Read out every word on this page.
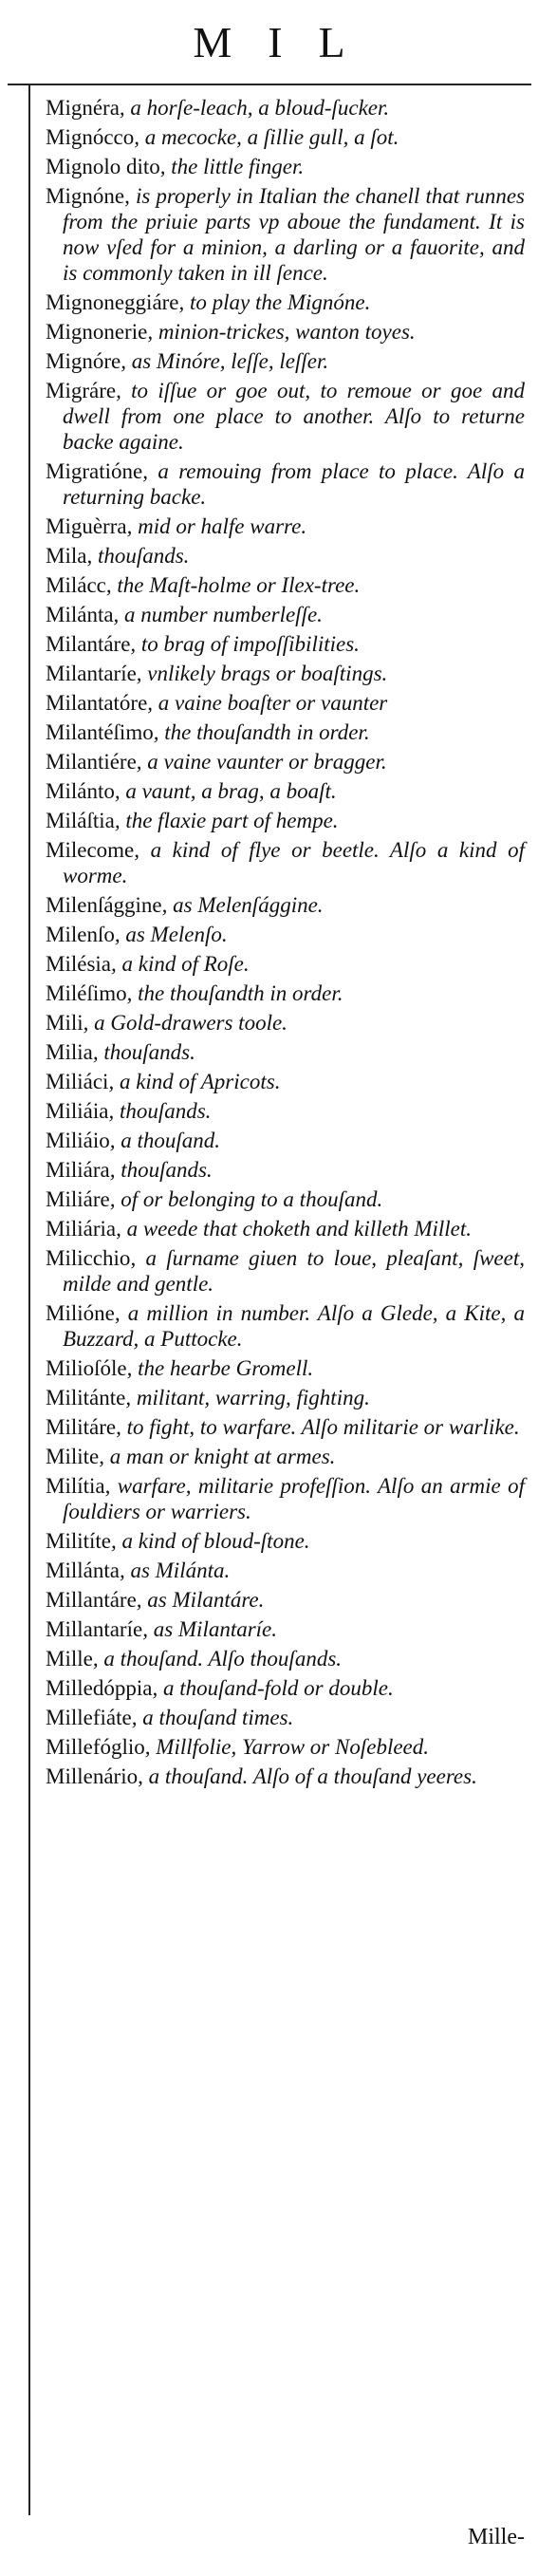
MIL

Mignéra, a horſe-leach, a bloud-ſucker.

Mignócco, a mecocke, a ſillie gull, a ſot.

Mignolo dito, the little finger.

Mignóne, is properly in Italian the chanell that runnes from the priuie parts vp aboue the fundament. It is now vſed for a minion, a darling or a fauorite, and is commonly taken in ill ſence.

Mignoneggiáre, to play the Mignóne.

Mignonerie, minion-trickes, wanton toyes.

Mignóre, as Minóre, leſſe, leſſer.

Migráre, to iſſue or goe out, to remoue or goe and dwell from one place to another. Alſo to returne backe againe.

Migratióne, a remouing from place to place. Alſo a returning backe.

Miguèrra, mid or halfe warre.

Mila, thouſands.

Milácc, the Maſt-holme or Ilex-tree.

Milánta, a number numberleſſe.

Milantáre, to brag of impoſſibilities.

Milantaríe, vnlikely brags or boaſtings.

Milantatóre, a vaine boaſter or vaunter

Milantéſimo, the thouſandth in order.

Milantiére, a vaine vaunter or bragger.

Milánto, a vaunt, a brag, a boaſt.

Miláſtia, the flaxie part of hempe.

Milecome, a kind of flye or beetle. Alſo a kind of worme.

Milenſággine, as Melenſággine.

Milenſo, as Melenſo.

Milésia, a kind of Roſe.

Miléſimo, the thouſandth in order.

Mili, a Gold-drawers toole.

Milia, thouſands.

Miliáci, a kind of Apricots.

Miliáia, thouſands.

Miliáio, a thouſand.

Miliára, thouſands.

Miliáre, of or belonging to a thouſand.

Miliária, a weede that choketh and killeth Millet.

Milicchio, a ſurname giuen to loue, pleaſant, ſweet, milde and gentle.

Milióne, a million in number. Alſo a Glede, a Kite, a Buzzard, a Puttocke.

Milioſóle, the hearbe Gromell.

Militánte, militant, warring, fighting.

Militáre, to fight, to warfare. Alſo militarie or warlike.

Milite, a man or knight at armes.

Milítia, warfare, militarie profeſſion. Alſo an armie of ſouldiers or warriers.

Militíte, a kind of bloud-ſtone.

Millánta, as Milánta.

Millantáre, as Milantáre.

Millantaríe, as Milantaríe.

Mille, a thouſand. Alſo thouſands.

Milledóppia, a thouſand-fold or double.

Millefiáte, a thouſand times.

Millefóglio, Millfolie, Yarrow or Noſebleed.

Millenário, a thouſand. Alſo of a thouſand yeeres.

Mille-
